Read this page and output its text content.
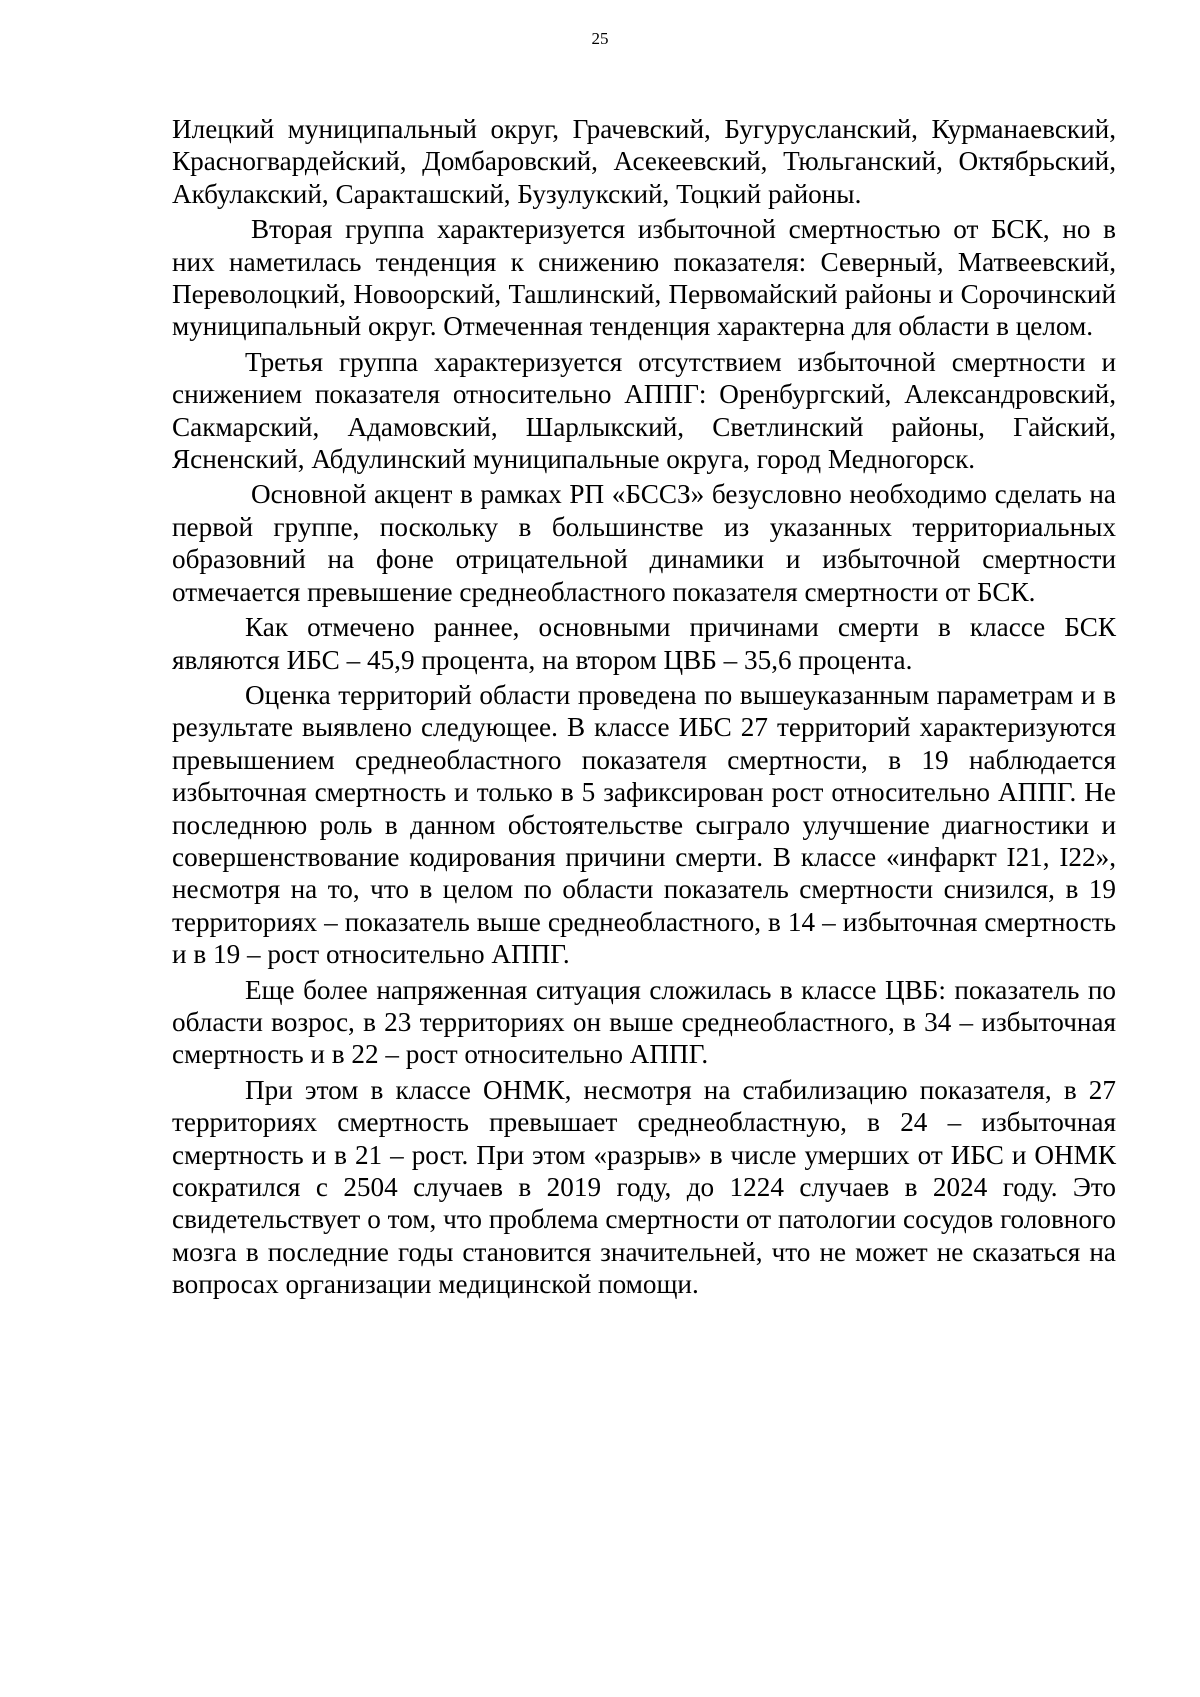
25

Илецкий муниципальный округ, Грачевский, Бугурусланский, Курманаевский, Красногвардейский, Домбаровский, Асекеевский, Тюльганский, Октябрьский, Акбулакский, Саракташский, Бузулукский, Тоцкий районы.

Вторая группа характеризуется избыточной смертностью от БСК, но в них наметилась тенденция к снижению показателя: Северный, Матвеевский, Переволоцкий, Новоорский, Ташлинский, Первомайский районы и Сорочинский муниципальный округ. Отмеченная тенденция характерна для области в целом.

Третья группа характеризуется отсутствием избыточной смертности и снижением показателя относительно АППГ: Оренбургский, Александровский, Сакмарский, Адамовский, Шарлыкский, Светлинский районы, Гайский, Ясненский, Абдулинский муниципальные округа, город Медногорск.

Основной акцент в рамках РП «БССЗ» безусловно необходимо сделать на первой группе, поскольку в большинстве из указанных территориальных образовний на фоне отрицательной динамики и избыточной смертности отмечается превышение среднеобластного показателя смертности от БСК.

Как отмечено раннее, основными причинами смерти в классе БСК являются ИБС – 45,9 процента, на втором ЦВБ – 35,6 процента.

Оценка территорий области проведена по вышеуказанным параметрам и в результате выявлено следующее. В классе ИБС 27 территорий характеризуются превышением среднеобластного показателя смертности, в 19 наблюдается избыточная смертность и только в 5 зафиксирован рост относительно АППГ. Не последнюю роль в данном обстоятельстве сыграло улучшение диагностики и совершенствование кодирования причини смерти. В классе «инфаркт I21, I22», несмотря на то, что в целом по области показатель смертности снизился, в 19 территориях – показатель выше среднеобластного, в 14 – избыточная смертность и в 19 – рост относительно АППГ.

Еще более напряженная ситуация сложилась в классе ЦВБ: показатель по области возрос, в 23 территориях он выше среднеобластного, в 34 – избыточная смертность и в 22 – рост относительно АППГ.

При этом в классе ОНМК, несмотря на стабилизацию показателя, в 27 территориях смертность превышает среднеобластную, в 24 – избыточная смертность и в 21 – рост. При этом «разрыв» в числе умерших от ИБС и ОНМК сократился с 2504 случаев в 2019 году, до 1224 случаев в 2024 году. Это свидетельствует о том, что проблема смертности от патологии сосудов головного мозга в последние годы становится значительней, что не может не сказаться на вопросах организации медицинской помощи.
